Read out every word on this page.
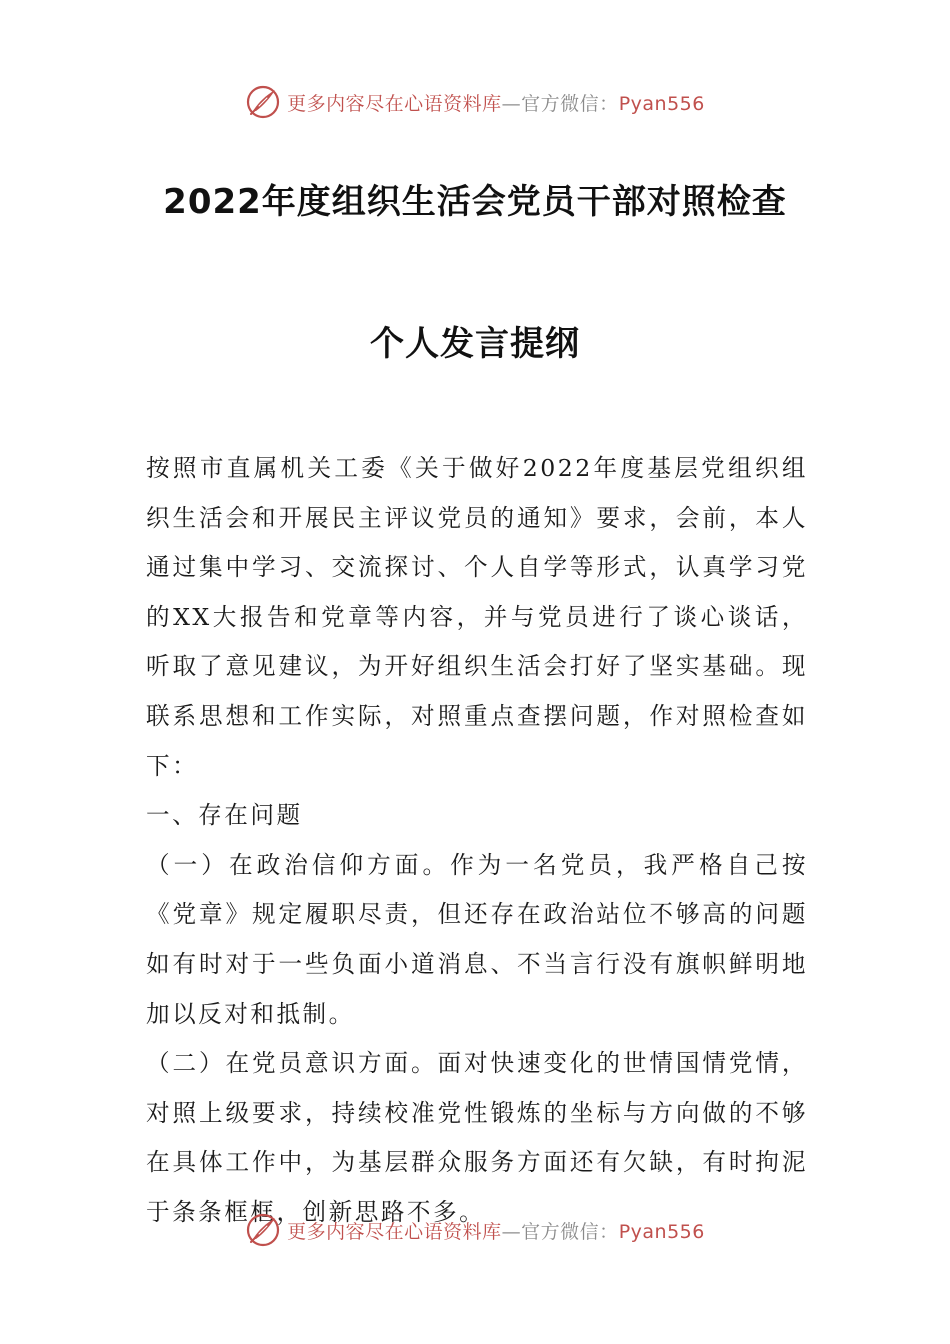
更多内容尽在心语资料库—官方微信：Pyan556
2022年度组织生活会党员干部对照检查
个人发言提纲

按照市直属机关工委《关于做好2022年度基层党组织组织生活会和开展民主评议党员的通知》要求，会前，本人通过集中学习、交流探讨、个人自学等形式，认真学习党的XX大报告和党章等内容，并与党员进行了谈心谈话，听取了意见建议，为开好组织生活会打好了坚实基础。现联系思想和工作实际，对照重点查摆问题，作对照检查如下：

一、存在问题

（一）在政治信仰方面。作为一名党员，我严格自己按《党章》规定履职尽责，但还存在政治站位不够高的问题如有时对于一些负面小道消息、不当言行没有旗帜鲜明地加以反对和抵制。

（二）在党员意识方面。面对快速变化的世情国情党情，对照上级要求，持续校准党性锻炼的坐标与方向做的不够在具体工作中，为基层群众服务方面还有欠缺，有时拘泥于条条框框，创新思路不多。

更多内容尽在心语资料库—官方微信：Pyan556
